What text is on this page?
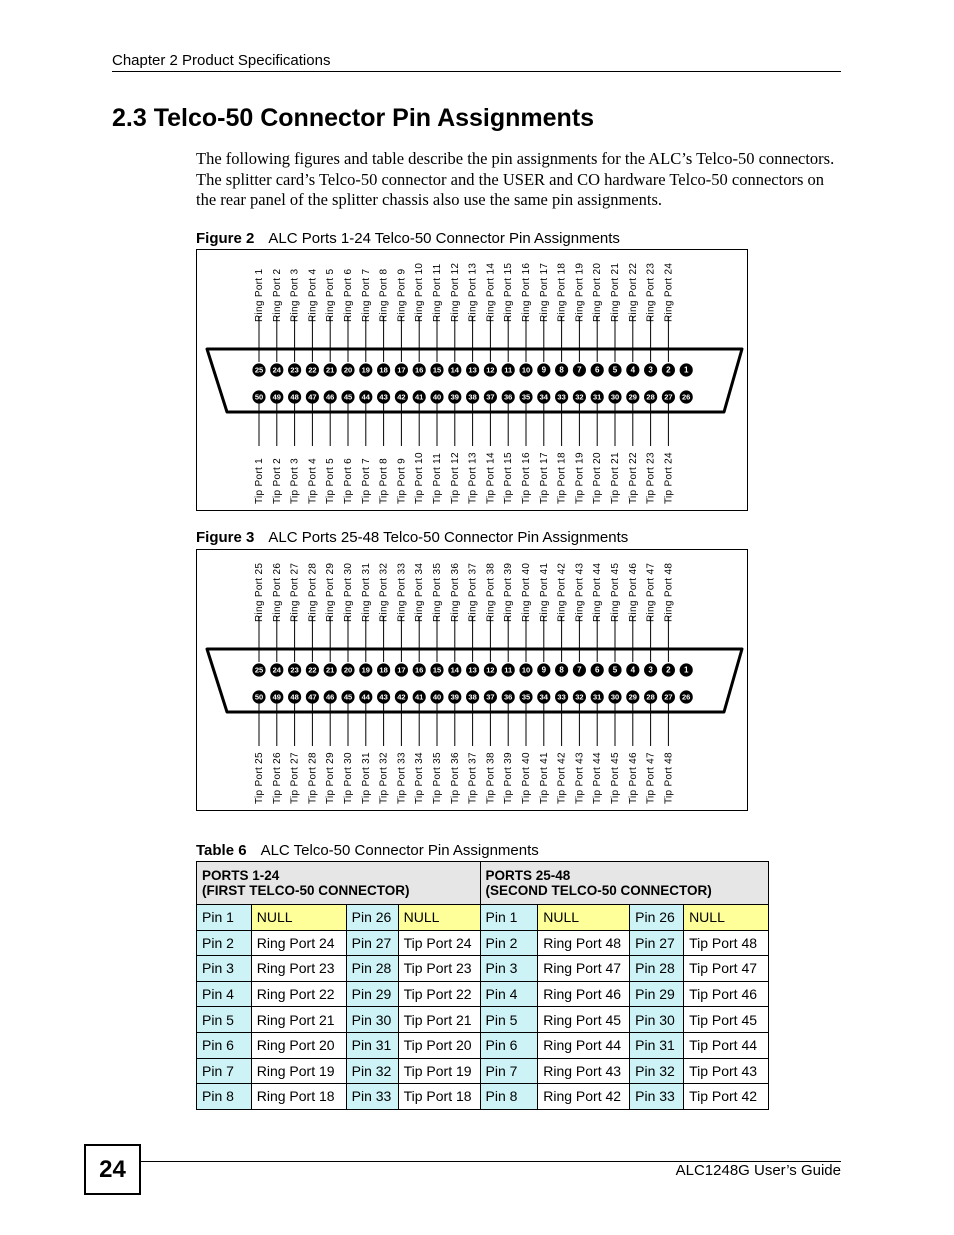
Chapter 2 Product Specifications
2.3 Telco-50 Connector Pin Assignments

The following figures and table describe the pin assignments for the ALC’s Telco-50 connectors. The splitter card’s Telco-50 connector and the USER and CO hardware Telco-50 connectors on the rear panel of the splitter chassis also use the same pin assignments.

Figure 2 ALC Ports 1-24 Telco-50 Connector Pin Assignments
Ring Port 1 Ring Port 2 Ring Port 3 Ring Port 4 Ring Port 5 Ring Port 6 Ring Port 7 Ring Port 8 Ring Port 9 Ring Port 10 Ring Port 11 Ring Port 12 Ring Port 13 Ring Port 14 Ring Port 15 Ring Port 16 Ring Port 17 Ring Port 18 Ring Port 19 Ring Port 20 Ring Port 21 Ring Port 22 Ring Port 23 Ring Port 24
Tip Port 1 Tip Port 2 Tip Port 3 Tip Port 4 Tip Port 5 Tip Port 6 Tip Port 7 Tip Port 8 Tip Port 9 Tip Port 10 Tip Port 11 Tip Port 12 Tip Port 13 Tip Port 14 Tip Port 15 Tip Port 16 Tip Port 17 Tip Port 18 Tip Port 19 Tip Port 20 Tip Port 21 Tip Port 22 Tip Port 23 Tip Port 24
25 24 23 22 21 20 19 18 17 16 15 14 13 12 11 10 9 8 7 6 5 4 3 2 1
50 49 48 47 46 45 44 43 42 41 40 39 38 37 36 35 34 33 32 31 30 29 28 27 26
Figure 3 ALC Ports 25-48 Telco-50 Connector Pin Assignments
Ring Port 25 Ring Port 26 Ring Port 27 Ring Port 28 Ring Port 29 Ring Port 30 Ring Port 31 Ring Port 32 Ring Port 33 Ring Port 34 Ring Port 35 Ring Port 36 Ring Port 37 Ring Port 38 Ring Port 39 Ring Port 40 Ring Port 41 Ring Port 42 Ring Port 43 Ring Port 44 Ring Port 45 Ring Port 46 Ring Port 47 Ring Port 48
Tip Port 25 Tip Port 26 Tip Port 27 Tip Port 28 Tip Port 29 Tip Port 30 Tip Port 31 Tip Port 32 Tip Port 33 Tip Port 34 Tip Port 35 Tip Port 36 Tip Port 37 Tip Port 38 Tip Port 39 Tip Port 40 Tip Port 41 Tip Port 42 Tip Port 43 Tip Port 44 Tip Port 45 Tip Port 46 Tip Port 47 Tip Port 48
25 24 23 22 21 20 19 18 17 16 15 14 13 12 11 10 9 8 7 6 5 4 3 2 1
50 49 48 47 46 45 44 43 42 41 40 39 38 37 36 35 34 33 32 31 30 29 28 27 26
Table 6 ALC Telco-50 Connector Pin Assignments
PORTS 1-24
(FIRST TELCO-50 CONNECTOR)				PORTS 25-48
(SECOND TELCO-50 CONNECTOR)			
Pin 1	NULL	Pin 26	NULL	Pin 1	NULL	Pin 26	NULL
Pin 2	Ring Port 24	Pin 27	Tip Port 24	Pin 2	Ring Port 48	Pin 27	Tip Port 48
Pin 3	Ring Port 23	Pin 28	Tip Port 23	Pin 3	Ring Port 47	Pin 28	Tip Port 47
Pin 4	Ring Port 22	Pin 29	Tip Port 22	Pin 4	Ring Port 46	Pin 29	Tip Port 46
Pin 5	Ring Port 21	Pin 30	Tip Port 21	Pin 5	Ring Port 45	Pin 30	Tip Port 45
Pin 6	Ring Port 20	Pin 31	Tip Port 20	Pin 6	Ring Port 44	Pin 31	Tip Port 44
Pin 7	Ring Port 19	Pin 32	Tip Port 19	Pin 7	Ring Port 43	Pin 32	Tip Port 43
Pin 8	Ring Port 18	Pin 33	Tip Port 18	Pin 8	Ring Port 42	Pin 33	Tip Port 42
24	ALC1248G User’s Guide
